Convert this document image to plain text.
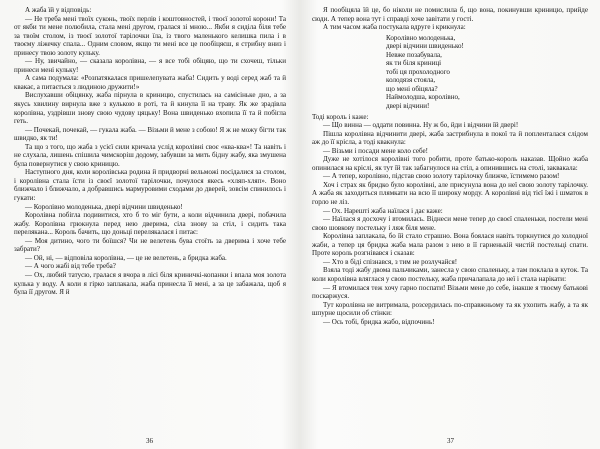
А жаба їй у відповідь:

— Не треба мені твоїх суконь, твоїх перлів і коштовностей, і твоєї золотої корони! Та от якби ти мене полюбила, стала мені другом, гралася зі мною... Якби я сиділа біля тебе за твоїм столом, із твоєї золотої тарілочки їла, із твого маленького келишка пила і в твоєму ліжечку спала... Одним словом, якщо ти мені все це пообіцяєш, я стрибну вниз і принесу твою золоту кульку.

— Ну, звичайно, — сказала королівна, — я все тобі обіцяю, що ти схочеш, тільки принеси мені кульку!

А сама подумала: «Розпатякалася пришелепувата жаба! Сидить у воді серед жаб та й квакає, а питається з людиною дружити!»

Вислухавши обіцянку, жаба пірнула в криницю, спустилась на самісіньке дно, а за якусь хвилину вирнула вже з кулькою в роті, та й кинула її на траву. Як же зрадівла королівна, уздрівши знову свою чудову цяцьку! Вона швиденько вхопила її та й побігла геть.

— Почекай, почекай, — гукала жаба. — Візьми й мене з собою! Я ж не можу бігти так швидко, як ти!

Та що з того, що жаба з усієї сили кричала услід королівні своє «ква-ква»! Та навіть і не слухала, лишень спішила чимскоріш додому, забувши за мить бідну жабу, яка змушена була повернутися у свою криницю.

Наступного дня, коли королівська родина й придворні вельможі посідалися за столом, і королівна стала їсти із своєї золотої тарілочки, почулося якесь «хляп-хляп». Воно ближчало і ближчало, а добравшись мармуровими сходами до дверей, зовсім спинилось і гукати:

— Королівно молоденька, двері відчини швиденько!

Королівна побігла подивитися, хто б то міг бути, а коли відчинила двері, побачила жабу. Королівна грюкнула перед нею дверима, сіла знову за стіл, і сидить така перелякана... Король бачить, що доньці перелякалася і питає:

— Моя дитино, чого ти боїшся? Чи не велетень бува стоїть за дверима і хоче тебе забрати?

— Ой, ні, — відповіла королівна, — це не велетень, а бридка жаба.

— А чого жабі від тебе треба?

— Ох, любий татусю, гралася я вчора в лісі біля криничкі-копанки і впала моя золота кулька у воду. А коли я гірко заплакала, жаба принесла її мені, а за це забажала, щоб я була її другом. Я й

36

Я пообіцяла їй це, бо ніколи не помислила б, що вона, покинувши криницю, прийде сюди. А тепер вона тут і справді хоче завітати у гості.

А тим часом жаба постукала вдруге і крикнула:

Королівно молоденька,
двері відчини швиденько!
Невже позабувала,
як ти біля криниці
тобі ця прохолодного
колодязя стояла,
що мені обіцяла?
Наймолодша, королівно,
двері відчини!

Тоді король і каже:

— Що винна — оддати повинна. Ну ж бо, йди і відчини їй двері!

Пішла королівна відчинити двері, жаба застрибнула в покої та й попленталася слідом аж до її крісла, а тоді квакнула:

— Візьми і посади мене коло себе!

Дуже не хотілося королівні того робити, проте батько-король наказав. Щойно жаба опинилася на кріслі, як тут їй так забагнулося на стіл, а опинившись на столі, заквакала:

— А тепер, королівно, підстав свою золоту тарілочку ближче, їстимемо разом!

Хоч і страх як бридко було королівні, але присунула вона до неї свою золоту тарілочку. А жаба як заходиться плямкати на всю її широку морду. А королівні від тієї їжі і шматок в горло не ліз.

— Ох. Нарешті жаба наїлася і дає каже:

— Наїлася я досхочу і втомилась. Віднеси мене тепер до своєї спаленьки, постели мені свою шовкову постельку і ляж біля мене.

Королівна заплакала, бо їй стало страшно. Вона боялася навіть торкнутися до холодної жаби, а тепер ця бридка жаба мала разом з нею в її гарненькій чистій постельці спати. Проте король розгнівався і сказав:

— Хто в біді спізнався, з тим не розлучайся!

Взяла тоді жабу двома пальчиками, занесла у свою спаленьку, а там поклала в куток. Та коли королівна вляглася у свою постельку, жаба причалапала до неї і стала нарікати:

— Я втомилася теж хочу гарно поспати! Візьми мене до себе, інакше я твоєму батькові поскаржуся.

Тут королівна не витримала, розсердилась по-справжньому та як ухопить жабу, а та як шпурне щосили об стінки:

— Ось тобі, бридка жабо, відпочинь!

37
